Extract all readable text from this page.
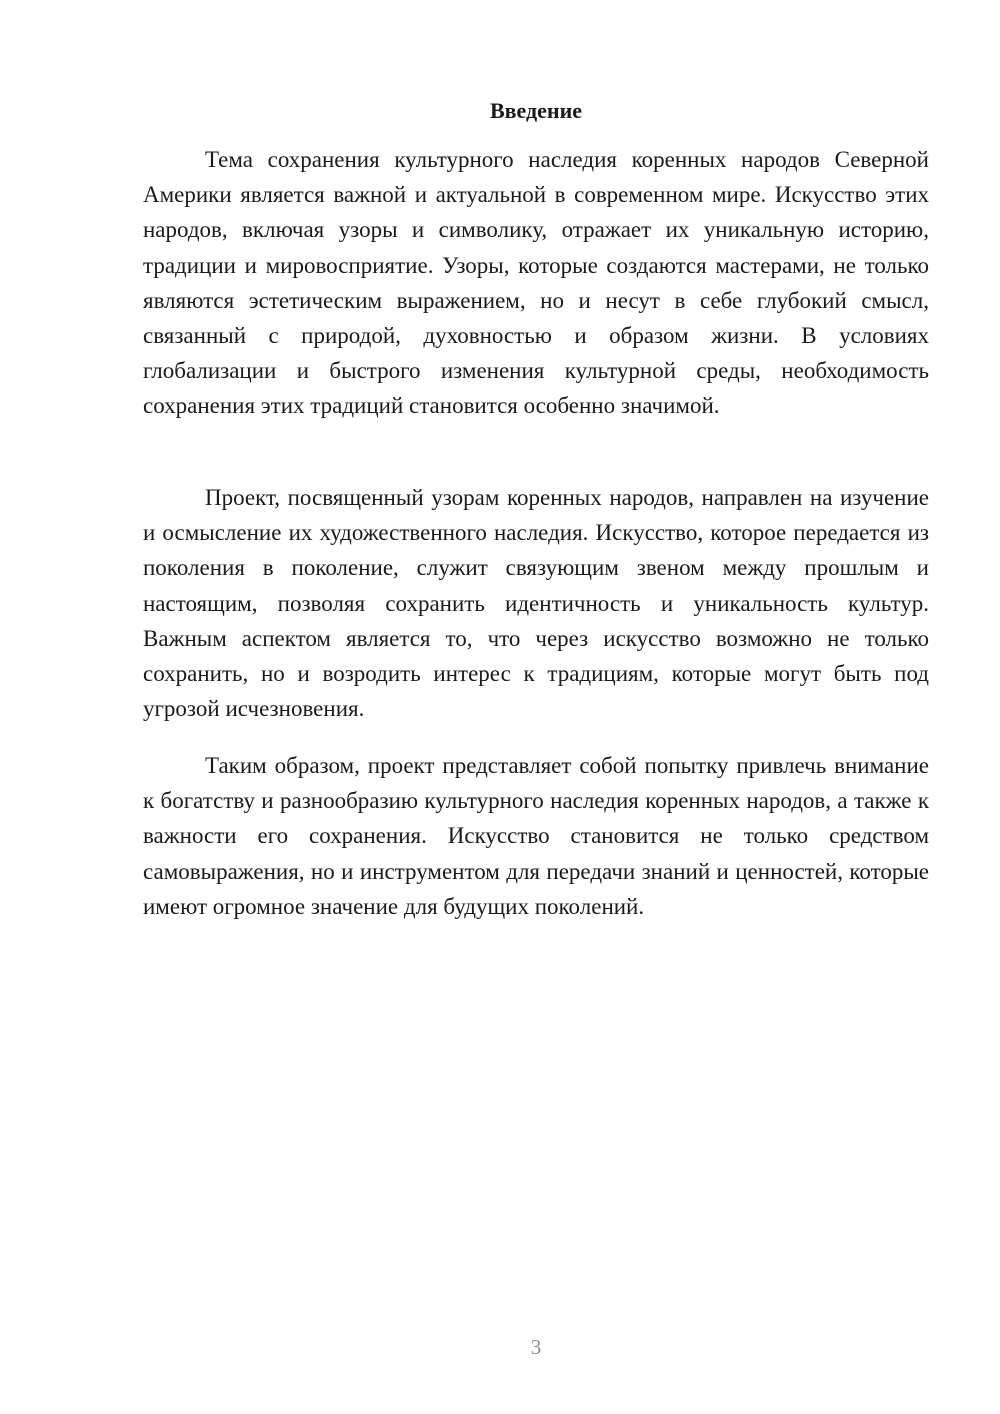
Введение

Тема сохранения культурного наследия коренных народов Северной Америки является важной и актуальной в современном мире. Искусство этих народов, включая узоры и символику, отражает их уникальную историю, традиции и мировосприятие. Узоры, которые создаются мастерами, не только являются эстетическим выражением, но и несут в себе глубокий смысл, связанный с природой, духовностью и образом жизни. В условиях глобализации и быстрого изменения культурной среды, необходимость сохранения этих традиций становится особенно значимой.

Проект, посвященный узорам коренных народов, направлен на изучение и осмысление их художественного наследия. Искусство, которое передается из поколения в поколение, служит связующим звеном между прошлым и настоящим, позволяя сохранить идентичность и уникальность культур. Важным аспектом является то, что через искусство возможно не только сохранить, но и возродить интерес к традициям, которые могут быть под угрозой исчезновения.

Таким образом, проект представляет собой попытку привлечь внимание к богатству и разнообразию культурного наследия коренных народов, а также к важности его сохранения. Искусство становится не только средством самовыражения, но и инструментом для передачи знаний и ценностей, которые имеют огромное значение для будущих поколений.

3
